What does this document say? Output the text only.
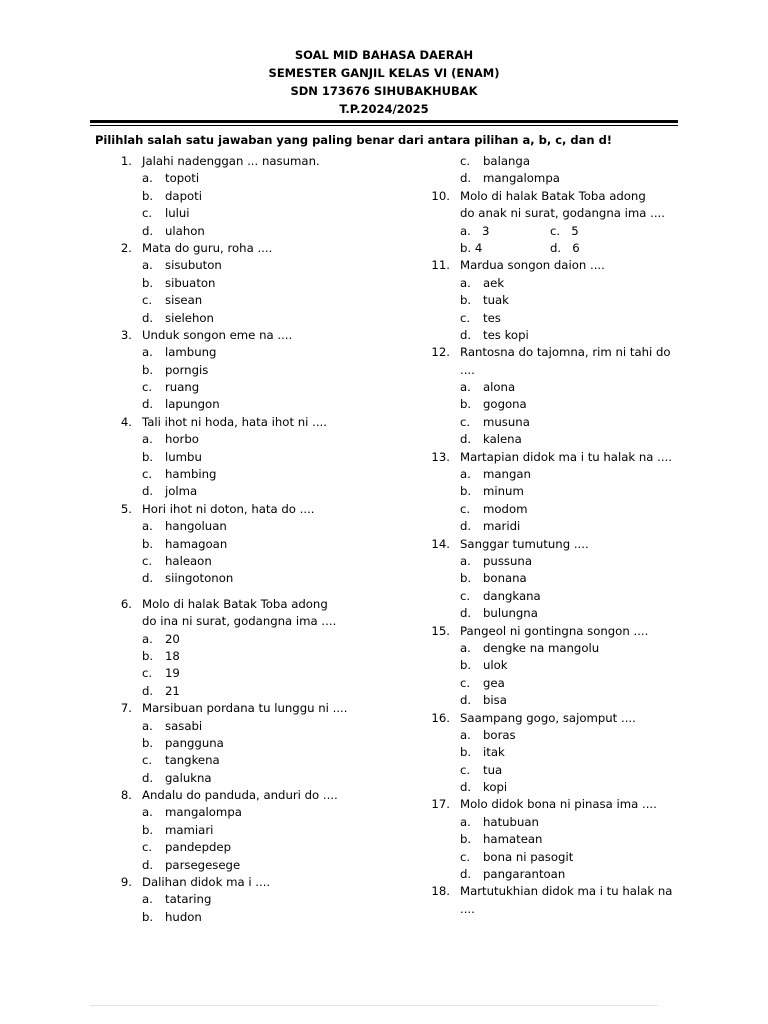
SOAL MID BAHASA DAERAH
SEMESTER GANJIL KELAS VI (ENAM)
SDN 173676 SIHUBAKHUBAK
T.P.2024/2025
Pilihlah salah satu jawaban yang paling benar dari antara pilihan a, b, c, dan d!
1. Jalahi nadenggan ... nasuman.
a. topoti
b. dapoti
c. lului
d. ulahon
2. Mata do guru, roha ....
a. sisubuton
b. sibuaton
c. sisean
d. sielehon
3. Unduk songon eme na ....
a. lambung
b. porngis
c. ruang
d. lapungon
4. Tali ihot ni hoda, hata ihot ni ....
a. horbo
b. lumbu
c. hambing
d. jolma
5. Hori ihot ni doton, hata do ....
a. hangoluan
b. hamagoan
c. haleaon
d. siingotonon
6. Molo di halak Batak Toba adong
do ina ni surat, godangna ima ....
a. 20
b. 18
c. 19
d. 21
7. Marsibuan pordana tu lunggu ni ....
a. sasabi
b. pangguna
c. tangkena
d. galukna
8. Andalu do panduda, anduri do ....
a. mangalompa
b. mamiari
c. pandepdep
d. parsegesege
9. Dalihan didok ma i ....
a. tataring
b. hudon
c. balanga
d. mangalompa
10. Molo di halak Batak Toba adong
do anak ni surat, godangna ima ....
a.   3	c.   5
b. 4	d.   6
11. Mardua songon daion ....
a. aek
b. tuak
c. tes
d. tes kopi
12. Rantosna do tajomna, rim ni tahi do
....
a. alona
b. gogona
c. musuna
d. kalena
13. Martapian didok ma i tu halak na ....
a. mangan
b. minum
c. modom
d. maridi
14. Sanggar tumutung ....
a. pussuna
b. bonana
c. dangkana
d. bulungna
15. Pangeol ni gontingna songon ....
a. dengke na mangolu
b. ulok
c. gea
d. bisa
16. Saampang gogo, sajomput ....
a. boras
b. itak
c. tua
d. kopi
17. Molo didok bona ni pinasa ima ....
a. hatubuan
b. hamatean
c. bona ni pasogit
d. pangarantoan
18. Martutukhian didok ma i tu halak na
....
